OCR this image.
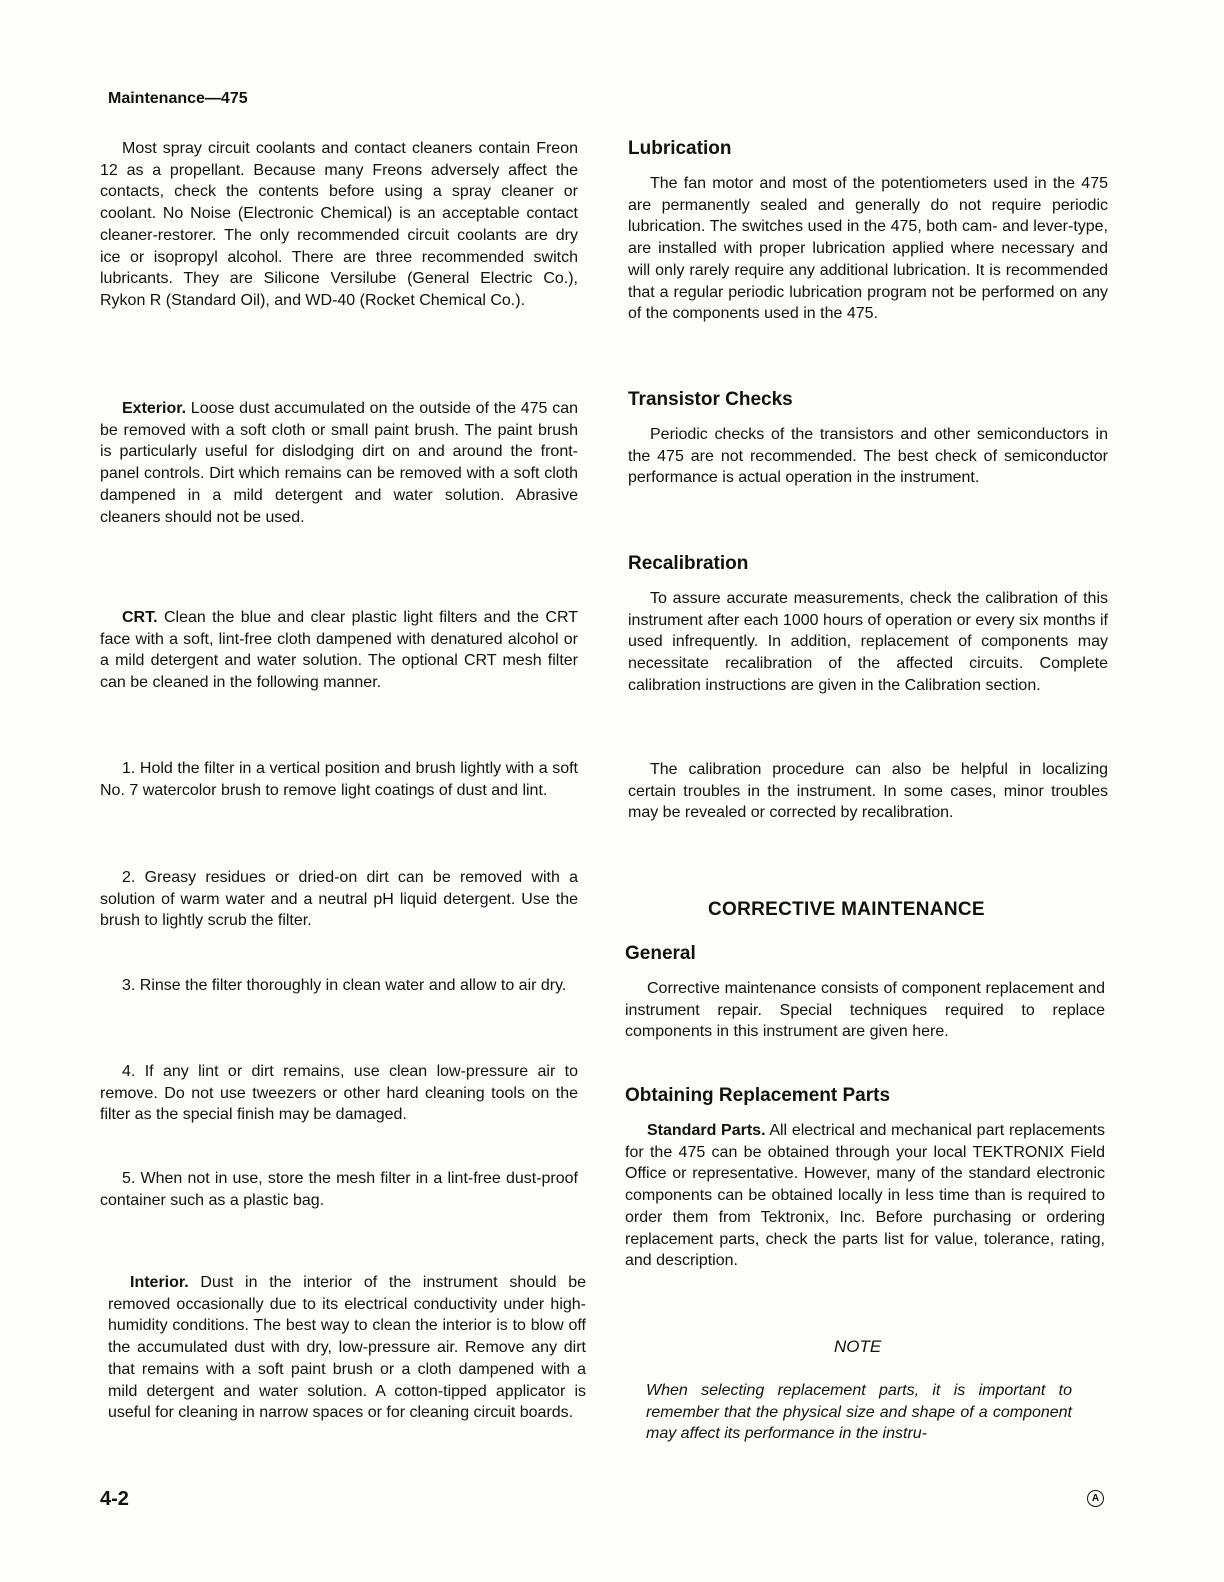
Maintenance—475

Most spray circuit coolants and contact cleaners contain Freon 12 as a propellant. Because many Freons adversely affect the contacts, check the contents before using a spray cleaner or coolant. No Noise (Electronic Chemical) is an acceptable contact cleaner-restorer. The only recommended circuit coolants are dry ice or isopropyl alcohol. There are three recommended switch lubricants. They are Silicone Versilube (General Electric Co.), Rykon R (Standard Oil), and WD-40 (Rocket Chemical Co.).

Exterior. Loose dust accumulated on the outside of the 475 can be removed with a soft cloth or small paint brush. The paint brush is particularly useful for dislodging dirt on and around the front-panel controls. Dirt which remains can be removed with a soft cloth dampened in a mild detergent and water solution. Abrasive cleaners should not be used.

CRT. Clean the blue and clear plastic light filters and the CRT face with a soft, lint-free cloth dampened with denatured alcohol or a mild detergent and water solution. The optional CRT mesh filter can be cleaned in the following manner.

1. Hold the filter in a vertical position and brush lightly with a soft No. 7 watercolor brush to remove light coatings of dust and lint.

2. Greasy residues or dried-on dirt can be removed with a solution of warm water and a neutral pH liquid detergent. Use the brush to lightly scrub the filter.

3. Rinse the filter thoroughly in clean water and allow to air dry.

4. If any lint or dirt remains, use clean low-pressure air to remove. Do not use tweezers or other hard cleaning tools on the filter as the special finish may be damaged.

5. When not in use, store the mesh filter in a lint-free dust-proof container such as a plastic bag.

Interior. Dust in the interior of the instrument should be removed occasionally due to its electrical conductivity under high-humidity conditions. The best way to clean the interior is to blow off the accumulated dust with dry, low-pressure air. Remove any dirt that remains with a soft paint brush or a cloth dampened with a mild detergent and water solution. A cotton-tipped applicator is useful for cleaning in narrow spaces or for cleaning circuit boards.

Lubrication

The fan motor and most of the potentiometers used in the 475 are permanently sealed and generally do not require periodic lubrication. The switches used in the 475, both cam- and lever-type, are installed with proper lubrication applied where necessary and will only rarely require any additional lubrication. It is recommended that a regular periodic lubrication program not be performed on any of the components used in the 475.

Transistor Checks

Periodic checks of the transistors and other semiconductors in the 475 are not recommended. The best check of semiconductor performance is actual operation in the instrument.

Recalibration

To assure accurate measurements, check the calibration of this instrument after each 1000 hours of operation or every six months if used infrequently. In addition, replacement of components may necessitate recalibration of the affected circuits. Complete calibration instructions are given in the Calibration section.

The calibration procedure can also be helpful in localizing certain troubles in the instrument. In some cases, minor troubles may be revealed or corrected by recalibration.

CORRECTIVE MAINTENANCE
General

Corrective maintenance consists of component replacement and instrument repair. Special techniques required to replace components in this instrument are given here.

Obtaining Replacement Parts

Standard Parts. All electrical and mechanical part replacements for the 475 can be obtained through your local TEKTRONIX Field Office or representative. However, many of the standard electronic components can be obtained locally in less time than is required to order them from Tektronix, Inc. Before purchasing or ordering replacement parts, check the parts list for value, tolerance, rating, and description.

NOTE
When selecting replacement parts, it is important to remember that the physical size and shape of a component may affect its performance in the instru-
4-2	A
